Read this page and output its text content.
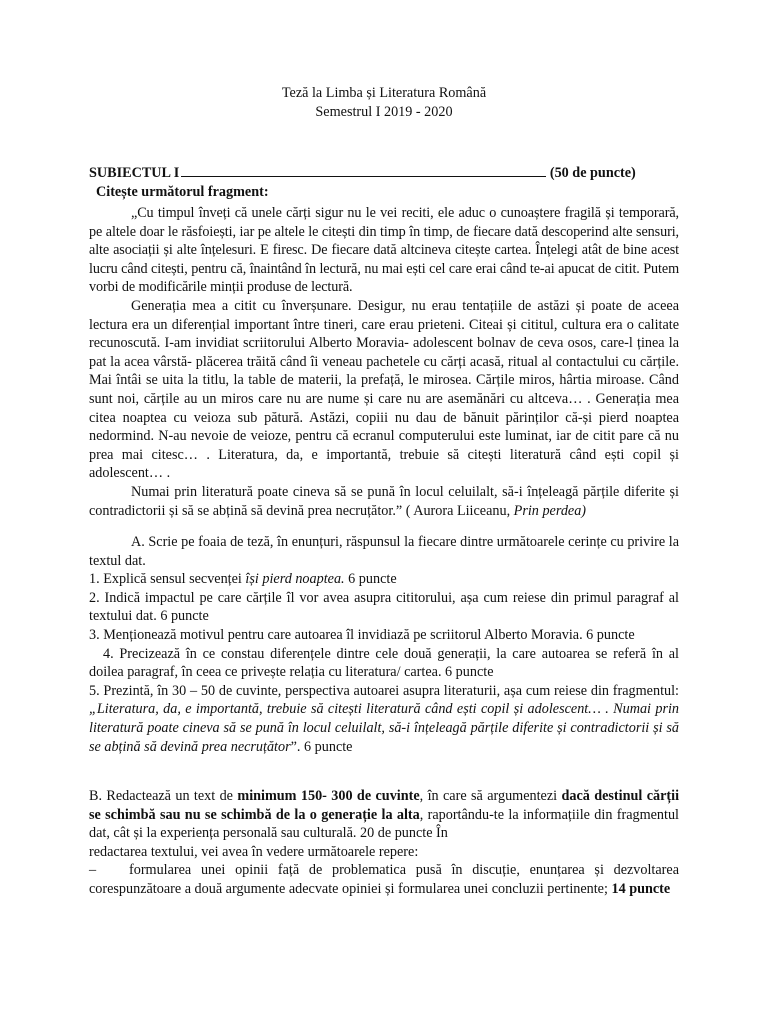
Teză la Limba și Literatura Română
Semestrul I 2019 - 2020
SUBIECTUL I	(50 de puncte)
Citește următorul fragment:

„Cu timpul înveți că unele cărți sigur nu le vei reciti, ele aduc o cunoaștere fragilă și temporară, pe altele doar le răsfoiești, iar pe altele le citești din timp în timp, de fiecare dată descoperind alte sensuri, alte asociații și alte înțelesuri. E firesc. De fiecare dată altcineva citește cartea. Înțelegi atât de bine acest lucru când citești, pentru că, înaintând în lectură, nu mai ești cel care erai când te-ai apucat de citit. Putem vorbi de modificările minții produse de lectură.

Generația mea a citit cu înverșunare. Desigur, nu erau tentațiile de astăzi și poate de aceea lectura era un diferențial important între tineri, care erau prieteni. Citeai și cititul, cultura era o calitate recunoscută. I-am invidiat scriitorului Alberto Moravia- adolescent bolnav de ceva osos, care-l ținea la pat la acea vârstă- plăcerea trăită când îi veneau pachetele cu cărți acasă, ritual al contactului cu cărțile. Mai întâi se uita la titlu, la table de materii, la prefață, le mirosea. Cărțile miros, hârtia miroase. Când sunt noi, cărțile au un miros care nu are nume și care nu are asemănări cu altceva… . Generația mea citea noaptea cu veioza sub pătură. Astăzi, copiii nu dau de bănuit părinților că-și pierd noaptea nedormind. N-au nevoie de veioze, pentru că ecranul computerului este luminat, iar de citit pare că nu prea mai citesc… . Literatura, da, e importantă, trebuie să citești literatură când ești copil și adolescent… .

Numai prin literatură poate cineva să se pună în locul celuilalt, să-i înțeleagă părțile diferite și contradictorii și să se abțină să devină prea necruțător.” ( Aurora Liiceanu, Prin perdea)

A. Scrie pe foaia de teză, în enunțuri, răspunsul la fiecare dintre următoarele cerințe cu privire la textul dat.

1. Explică sensul secvenței își pierd noaptea. 6 puncte

2. Indică impactul pe care cărțile îl vor avea asupra cititorului, așa cum reiese din primul paragraf al textului dat. 6 puncte

3. Menționează motivul pentru care autoarea îl invidiază pe scriitorul Alberto Moravia. 6 puncte

4. Precizează în ce constau diferențele dintre cele două generații, la care autoarea se referă în al doilea paragraf, în ceea ce privește relația cu literatura/ cartea. 6 puncte

5. Prezintă, în 30 – 50 de cuvinte, perspectiva autoarei asupra literaturii, așa cum reiese din fragmentul: „Literatura, da, e importantă, trebuie să citești literatură când ești copil și adolescent… . Numai prin literatură poate cineva să se pună în locul celuilalt, să-i înțeleagă părțile diferite și contradictorii și să se abțină să devină prea necruțător”. 6 puncte

B. Redactează un text de minimum 150- 300 de cuvinte, în care să argumentezi dacă destinul cărții se schimbă sau nu se schimbă de la o generație la alta, raportându-te la informațiile din fragmentul dat, cât și la experiența personală sau culturală. 20 de puncte În

redactarea textului, vei avea în vedere următoarele repere:

– formularea unei opinii față de problematica pusă în discuție, enunțarea și dezvoltarea corespunzătoare a două argumente adecvate opiniei și formularea unei concluzii pertinente; 14 puncte
